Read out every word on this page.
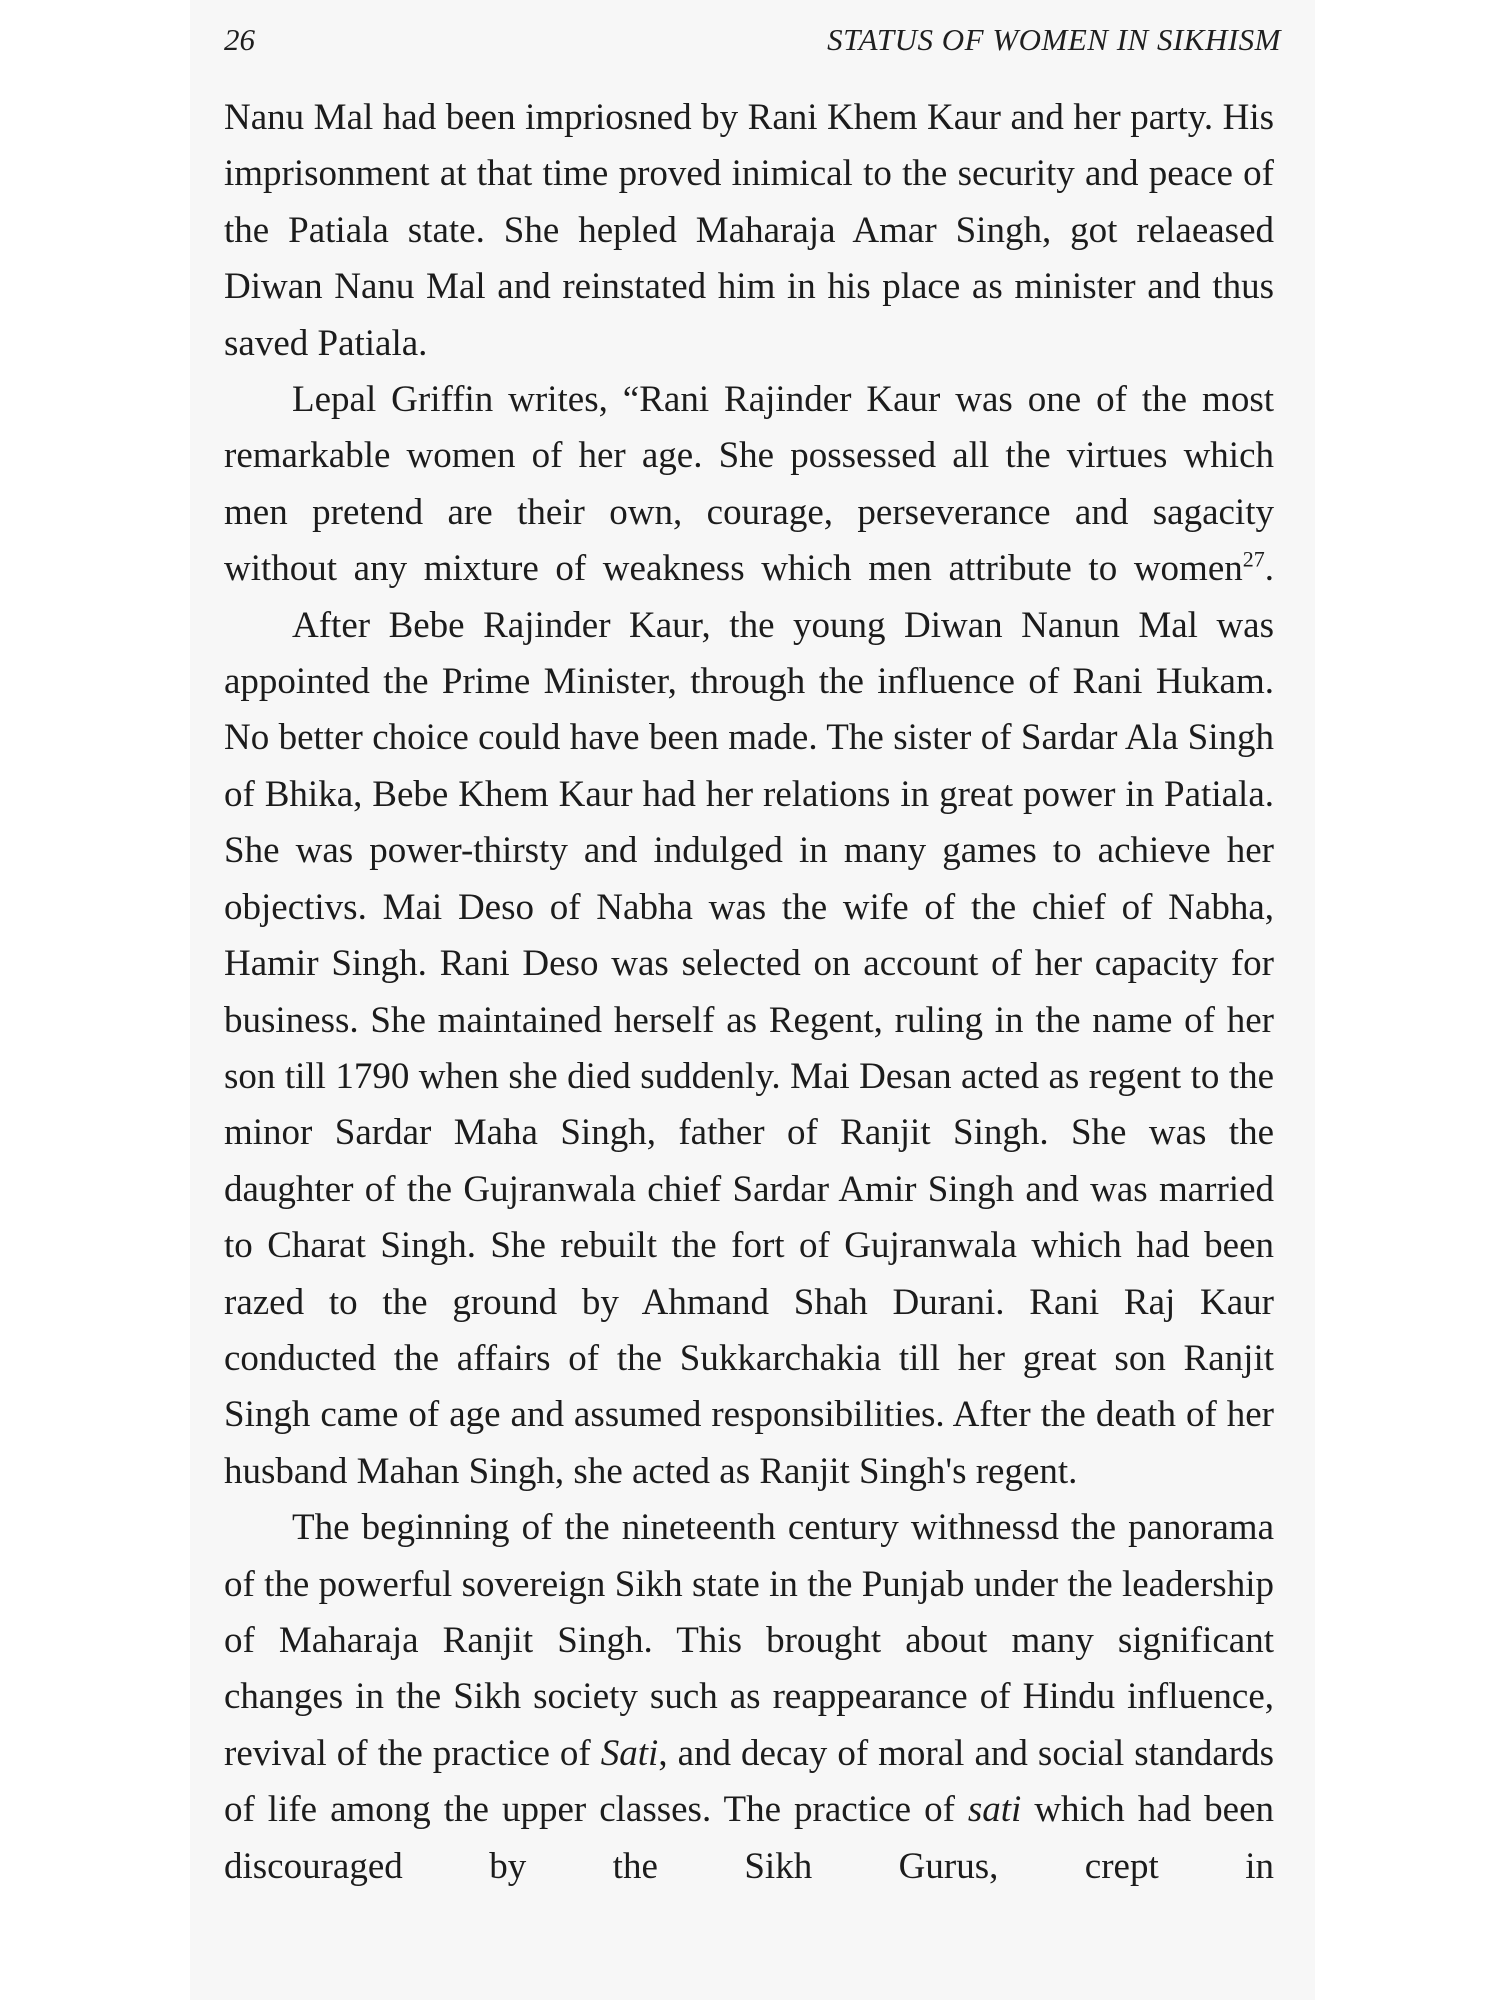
26	STATUS OF WOMEN IN SIKHISM

Nanu Mal had been impriosned by Rani Khem Kaur and her party. His imprisonment at that time proved inimical to the security and peace of the Patiala state. She hepled Maharaja Amar Singh, got relaeased Diwan Nanu Mal and reinstated him in his place as minister and thus saved Patiala.

Lepal Griffin writes, “Rani Rajinder Kaur was one of the most remarkable women of her age. She possessed all the virtues which men pretend are their own, courage, perseverance and sagacity without any mixture of weakness which men attribute to women$^{27}$.

After Bebe Rajinder Kaur, the young Diwan Nanun Mal was appointed the Prime Minister, through the influence of Rani Hukam. No better choice could have been made. The sister of Sardar Ala Singh of Bhika, Bebe Khem Kaur had her relations in great power in Patiala. She was power-thirsty and indulged in many games to achieve her objectivs. Mai Deso of Nabha was the wife of the chief of Nabha, Hamir Singh. Rani Deso was selected on account of her capacity for business. She maintained herself as Regent, ruling in the name of her son till 1790 when she died suddenly. Mai Desan acted as regent to the minor Sardar Maha Singh, father of Ranjit Singh. She was the daughter of the Gujranwala chief Sardar Amir Singh and was married to Charat Singh. She rebuilt the fort of Gujranwala which had been razed to the ground by Ahmand Shah Durani. Rani Raj Kaur conducted the affairs of the Sukkarchakia till her great son Ranjit Singh came of age and assumed responsibilities. After the death of her husband Mahan Singh, she acted as Ranjit Singh's regent.

The beginning of the nineteenth century withnessd the panorama of the powerful sovereign Sikh state in the Punjab under the leadership of Maharaja Ranjit Singh. This brought about many significant changes in the Sikh society such as reappearance of Hindu influence, revival of the practice of Sati, and decay of moral and social standards of life among the upper classes. The practice of sati which had been discouraged by the Sikh Gurus, crept in
